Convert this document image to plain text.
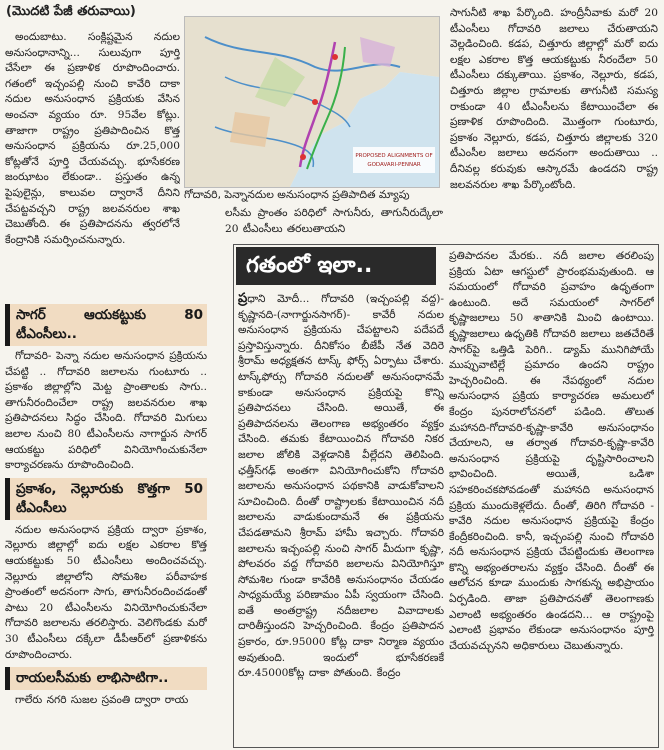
(మొదటి పేజీ తరువాయి)

అందుబాటు. సంక్లిష్టమైన నదుల అనుసంధానాన్ని... సులువుగా పూర్తి చేసేలా ఈ ప్రణాళిక రూపొందించారు. గతంలో ఇచ్చంపల్లి నుంచి కావేరి దాకా నదుల అనుసంధాన ప్రక్రియకు వేసిన అంచనా వ్యయం రూ. 95వేల కోట్లు. తాజాగా రాష్ట్రం ప్రతిపాదించిన కొత్త అనుసంధాన ప్రక్రియను రూ.25,000 కోట్లతోనే పూర్తి చేయవచ్చు. భూసేకరణ జంఝాటం లేకుండా.. ప్రస్తుతం ఉన్న పైపులైన్లు, కాలువల ద్వారానే దీనిని చేపట్టవచ్చని రాష్ట్ర జలవనరుల శాఖ చెబుతోంది. ఈ ప్రతిపాదనను త్వరలోనే కేంద్రానికి సమర్పించనున్నారు.

సాగర్ ఆయకట్టుకు 80 టీఎంసీలు..

గోదావరి- పెన్నా నదుల అనుసంధాన ప్రక్రియను చేపట్టి .. గోదావరి జలాలను గుంటూరు .. ప్రకాశం జిల్లాల్లోని మెట్ట ప్రాంతాలకు సాగు.. తాగునీరందించేలా రాష్ట్ర జలవనరుల శాఖ ప్రతిపాదనలు సిద్ధం చేసింది. గోదావరి మిగులు జలాల నుంచి 80 టీఎంసీలను నాగార్జున సాగర్ ఆయకట్టు పరిధిలో వినియోగించుకునేలా కార్యాచరణను రూపొందించింది.

ప్రకాశం, నెల్లూరుకు కొత్తగా 50 టీఎంసీలు

నదుల అనుసంధాన ప్రక్రియ ద్వారా ప్రకాశం, నెల్లూరు జిల్లాల్లో ఐదు లక్షల ఎకరాల కొత్త ఆయకట్టుకు 50 టీఎంసీలు అందించవచ్చు. నెల్లూరు జిల్లాలోని సోమశిల పరీవాహక ప్రాంతంలో అదనంగా సాగు, తాగునీరందించడంతో పాటు 20 టీఎంసీలను వినియోగించుకునేలా గోదావరి జలాలను తరలిస్తారు. వెలిగొండకు మరో 30 టీఎంసీలు దక్కేలా డీపీఆర్‌లో ప్రణాళికను రూపొందించారు.

రాయలసీమకు లాభిసాటిగా..

గాలేరు నగరి సుజల స్రవంతి ద్వారా రాయ

PROPOSED ALIGNMENTS OF
GODAVARI-PENNAR
గోదావరి, పెన్నానదుల అనుసంధాన ప్రతిపాదిత మ్యాపు

లసీమ ప్రాంతం పరిధిలో సాగునీరు, తాగునీరుద్కేలా 20 టీఎంసీలు తరలుతాయని

సాగునీటి శాఖ పేర్కొంది. హంద్రీనీవాకు మరో 20 టీఎంసీలు గోదావరి జలాలు చేరుతాయని వెల్లడించింది. కడప, చిత్తూరు జిల్లాల్లో మరో ఐదు లక్షల ఎకరాల కొత్త ఆయకట్టుకు నీరందేలా 50 టీఎంసీలు దక్కుతాయి. ప్రకాశం, నెల్లూరు, కడప, చిత్తూరు జిల్లాల గ్రామాలకు తాగునీటి సమస్య రాకుండా 40 టీఎంసీలను కేటాయించేలా ఈ ప్రణాళిక రూపొందింది. మొత్తంగా గుంటూరు, ప్రకాశం నెల్లూరు, కడప, చిత్తూరు జిల్లాలకు 320 టీఎంసీల జలాలు అదనంగా అందుతాయి .. దీనివల్ల కరువుకు ఆస్కారమే ఉండదని రాష్ట్ర జలవనరుల శాఖ పేర్కొంటోంది.

గతంలో ఇలా..

ప్రధాని మోదీ... గోదావరి (ఇచ్చంపల్లి వద్ద)- కృష్ణానది-(నాగార్జునసాగర్)- కావేరీ నదుల అనుసంధాన ప్రక్రియను చేపట్టాలని పదేపదే ప్రస్తావిస్తున్నారు. దీనికోసం బీజేపీ నేత వెదిరె శ్రీరామ్ అధ్యక్షతన టాస్క్ ఫోర్స్ ఏర్పాటు చేశారు. టాస్క్‌ఫోర్సు గోదావరి నదులతో అనుసంధానమే కాకుండా అనుసంధాన ప్రక్రియపై కొన్ని ప్రతిపాదనలు చేసింది. అయితే, ఈ ప్రతిపాదనలను తెలంగాణ అభ్యంతరం వ్యక్తం చేసింది. తమకు కేటాయించిన గోదావరి నికర జలాల జోలికి వెళ్లడానికి వీల్లేదని తెలిపింది. ఛత్తీస్‌గఢ్ అంతగా వినియోగించుకోని గోదావరి జలాలను అనుసంధాన పథకానికి వాడుకోవాలని సూచించింది. దీంతో రాష్ట్రాలకు కేటాయించిన నదీ జలాలను వాడుకుందామనే ఈ ప్రక్రియను చేపడతామని శ్రీరామ్ హామీ ఇచ్చారు. గోదావరి జలాలను ఇచ్చంపల్లి నుంచి సాగర్ మీదుగా కృష్ణా, పోలవరం వద్ద గోదావరి జలాలను వినియోగిస్తూ సోమశిల గుండా కావేరికి అనుసంధానం చేయడం సాధ్యమయ్యే పరిణామం ఏపీ స్వయంగా చేసింది. ఐతే అంతర్రాష్ట్ర నదీజలాల వివాదాలకు దారితీస్తుందని హెచ్చరించింది. కేంద్రం ప్రతిపాదన ప్రకారం, రూ.95000 కోట్ల దాకా నిర్మాణ వ్యయం అవుతుంది. ఇందులో భూసేకరణకే రూ.45000కోట్ల దాకా పోతుంది. కేంద్రం

ప్రతిపాదనల మేరకు.. నదీ జలాల తరలింపు ప్రక్రియ ఏటా ఆగస్టులో ప్రారంభమవుతుంది. ఆ సమయంలో గోదావరి ప్రవాహం ఉధృతంగా ఉంటుంది. అదే సమయంలో సాగర్‌లో కృష్ణాజలాలు 50 శాతానికి మించి ఉంటాయి. కృష్ణాజలాలు ఉధృతికి గోదావరి జలాలు జతచేరితే సాగర్‌పై ఒత్తిడి పెరిగి.. డ్యామ్ మునిగిపోయే ముప్పువాటిల్లే ప్రమాదం ఉందని రాష్ట్రం హెచ్చరించింది. ఈ నేపథ్యంలో నదుల అనుసంధాన ప్రక్రియ కార్యాచరణ అమలులో కేంద్రం పునరాలోచనలో పడింది. తొలుత మహానది-గోదావరి-కృష్ణా-కావేరి అనుసంధానం చేయాలని, ఆ తర్వాత గోదావరి-కృష్ణా-కావేరి అనుసంధాన ప్రక్రియపై దృష్టిసారించాలని భావించింది. అయితే, ఒడిశా సహకరించకపోవడంతో మహానది అనుసంధాన ప్రక్రియ ముందుకెళ్లలేదు. దీంతో, తిరిగి గోదావరి - కావేరి నదుల అనుసంధాన ప్రక్రియపై కేంద్రం కేంద్రీకరించింది. కానీ, ఇచ్చంపల్లి నుంచి గోదావరి నదీ అనుసంధాన ప్రక్రియ చేపట్టిందుకు తెలంగాణ కొన్ని అభ్యంతరాలను వ్యక్తం చేసింది. దీంతో ఈ ఆలోచన కూడా ముందుకు సాగకున్న అభిప్రాయం ఏర్పడింది. తాజా ప్రతిపాదనతో తెలంగాణకు ఎలాంటి అభ్యంతరం ఉండదని... ఆ రాష్ట్రంపై ఎలాంటి ప్రభావం లేకుండా అనుసంధానం పూర్తి చేయవచ్చునని అధికారులు చెబుతున్నారు.
